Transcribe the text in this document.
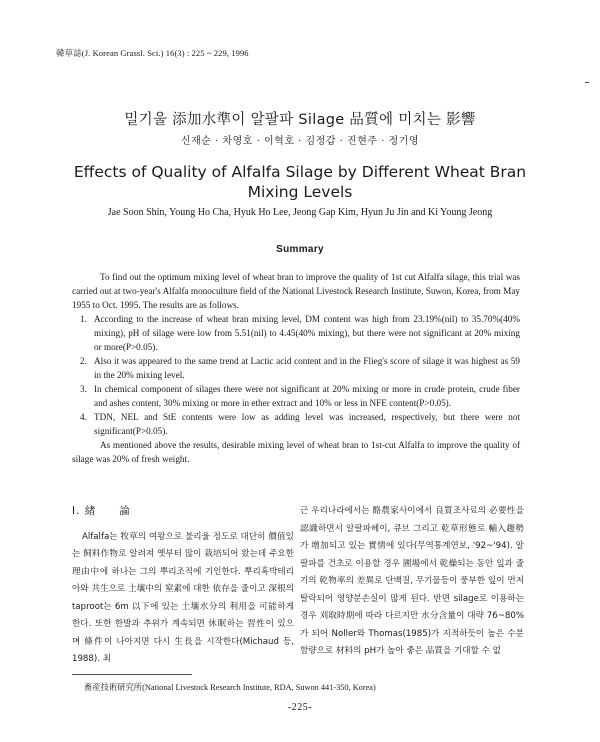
韓草誌(J. Korean Grassl. Sci.) 16(3) : 225 ~ 229, 1996
밀기울 添加水準이 알팔파 Silage 品質에 미치는 影響
신재순 · 차영호 · 이혁호 · 김정갑 · 진현주 · 정기영
Effects of Quality of Alfalfa Silage by Different Wheat Bran
Mixing Levels
Jae Soon Shin, Young Ho Cha, Hyuk Ho Lee, Jeong Gap Kim, Hyun Ju Jin and Ki Young Jeong
Summary

To find out the optimum mixing level of wheat bran to improve the quality of 1st cut Alfalfa silage, this trial was carried out at two-year's Alfalfa monoculture field of the National Livestock Research Institute, Suwon, Korea, from May 1955 to Oct. 1995. The results are as follows.

1. According to the increase of wheat bran mixing level, DM content was high from 23.19%(nil) to 35.70%(40% mixing), pH of silage were low from 5.51(nil) to 4.45(40% mixing), but there were not significant at 20% mixing or more(P>0.05).
2. Also it was appeared to the same trend at Lactic acid content and in the Flieg's score of silage it was highest as 59 in the 20% mixing level.
3. In chemical component of silages there were not significant at 20% mixing or more in crude protein, crude fiber and ashes content, 30% mixing or more in ether extract and 10% or less in NFE content(P>0.05).
4. TDN, NEL and StE contents were low as adding level was increased, respectively, but there were not significant(P>0.05).

As mentioned above the results, desirable mixing level of wheat bran to 1st-cut Alfalfa to improve the quality of silage was 20% of fresh weight.

I. 緖　　論

Alfalfa는 牧草의 여왕으로 불리울 정도로 대단히 價值있는 飼料作物로 알려져 옛부터 많이 栽培되어 왔는데 주요한 理由中에 하나는 그의 뿌리조직에 기인한다. 뿌리혹박테리아와 共生으로 土壤中의 窒素에 대한 依存을 줄이고 深根의 taproot는 6m 以下에 있는 土壤水分의 利用을 可能하게 한다. 또한 한발과 추위가 계속되면 休眠하는 習性이 있으며 條件이 나아지면 다시 生長을 시작한다(Michaud 등, 1988). 최

근 우리나라에서는 酪農家사이에서 良質조사료의 必要性을 認識하면서 알팔파헤이, 큐브 그리고 乾草形態로 輸入趨勢가 增加되고 있는 實情에 있다(무역통계연보, '92~'94). 알팔파를 건초로 이용할 경우 圃場에서 乾燥되는 동안 잎과 줄기의 乾物率의 差異로 단백질, 무기물등이 풍부한 잎이 먼저 탈락되어 영양분손실이 많게 된다. 반면 silage로 이용하는 경우 刈取時期에 따라 다르지만 水分含量이 대략 76~80%가 되어 Noller와 Thomas(1985)가 지적하듯이 높은 수분함량으로 材料의 pH가 높아 좋은 品質을 기대할 수 없

畜産技術研究所(National Livestock Research Institute, RDA, Suwon 441-350, Korea)
-225-
